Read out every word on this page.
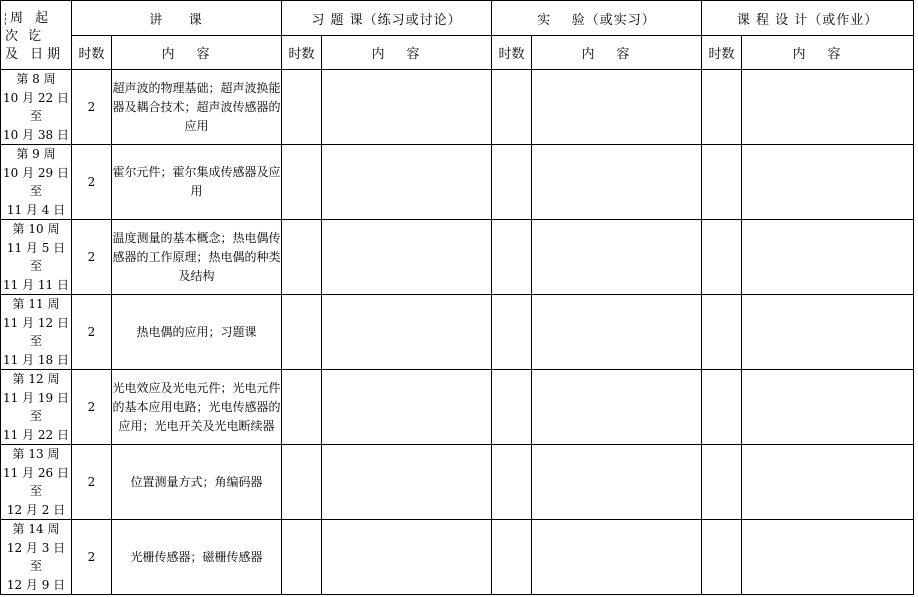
周 起
次 讫
及 日期	讲    课		习 题 课（练习或讨论）		实    验（或实习）		课 程 设 计（或作业）	
	时数	内容	时数	内容	时数	内容	时数	内容

第 8 周
10 月 22 日
至
10 月 38 日	2	超声波的物理基础；超声波换能器及耦合技术；超声波传感器的应用						

第 9 周
10 月 29 日
至
11 月 4 日	2	霍尔元件；霍尔集成传感器及应用						

第 10 周
11 月 5 日
至
11 月 11 日	2	温度测量的基本概念；热电偶传感器的工作原理；热电偶的种类及结构						

第 11 周
11 月 12 日
至
11 月 18 日	2	热电偶的应用；习题课						

第 12 周
11 月 19 日
至
11 月 22 日	2	光电效应及光电元件；光电元件的基本应用电路；光电传感器的应用；光电开关及光电断续器						

第 13 周
11 月 26 日
至
12 月 2 日	2	位置测量方式；角编码器						

第 14 周
12 月 3 日
至
12 月 9 日	2	光栅传感器；磁栅传感器						
